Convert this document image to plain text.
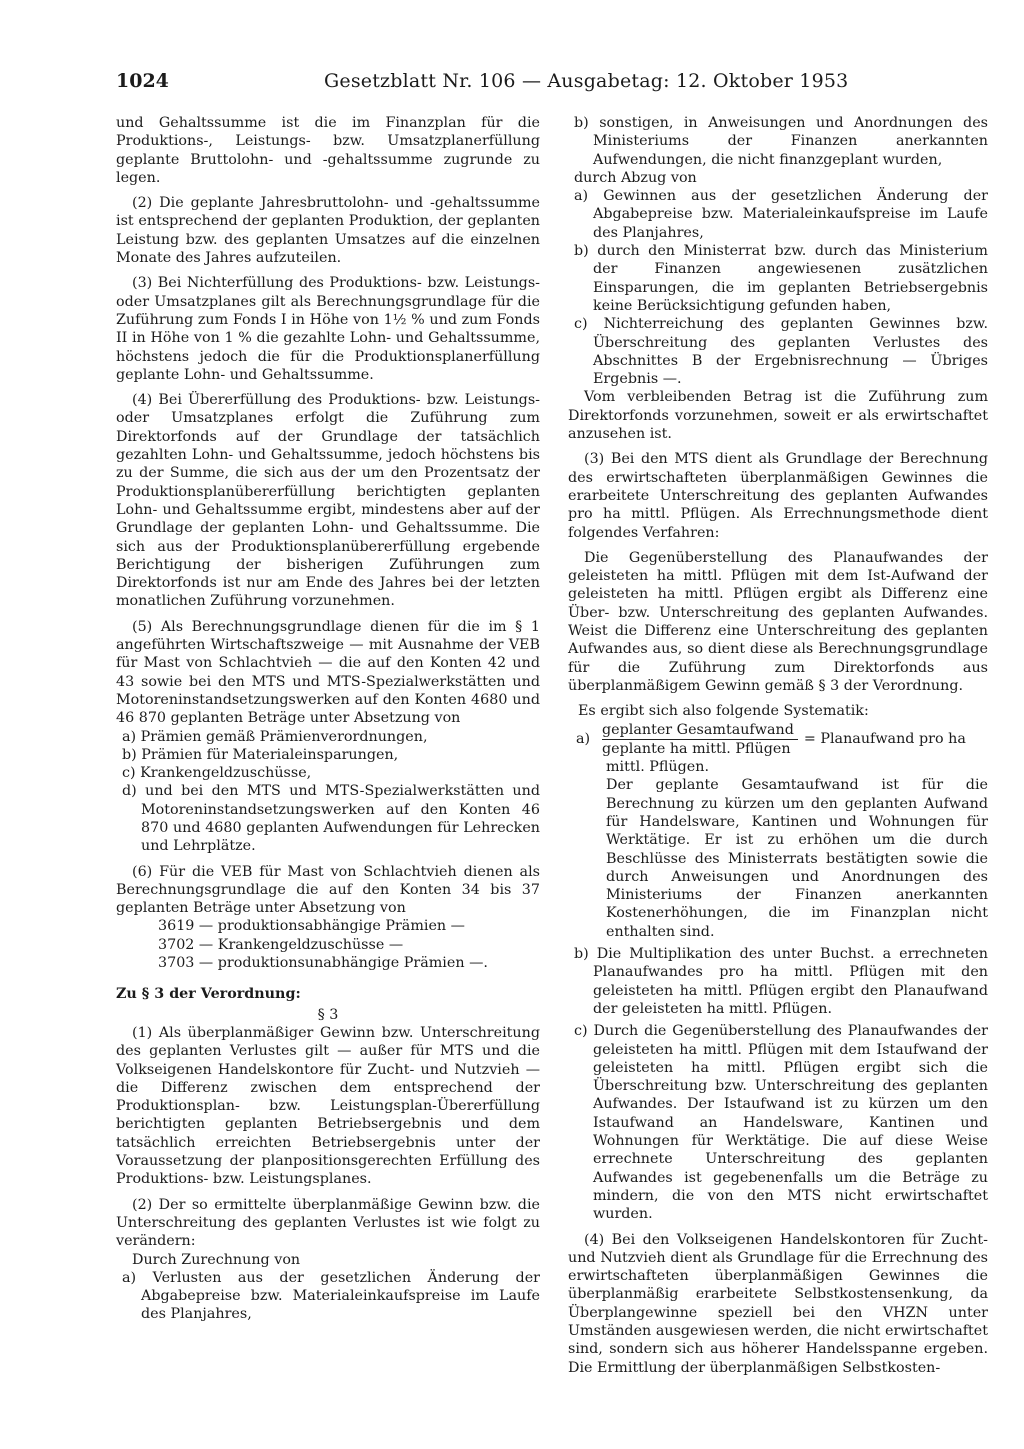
1024	Gesetzblatt Nr. 106 — Ausgabetag: 12. Oktober 1953

und Gehaltssumme ist die im Finanzplan für die Produktions-, Leistungs- bzw. Umsatzplanerfüllung geplante Bruttolohn- und -gehaltssumme zugrunde zu legen.

(2) Die geplante Jahresbruttolohn- und -gehaltssumme ist entsprechend der geplanten Produktion, der geplanten Leistung bzw. des geplanten Umsatzes auf die einzelnen Monate des Jahres aufzuteilen.

(3) Bei Nichterfüllung des Produktions- bzw. Leistungs- oder Umsatzplanes gilt als Berechnungsgrundlage für die Zuführung zum Fonds I in Höhe von 1½ % und zum Fonds II in Höhe von 1 % die gezahlte Lohn- und Gehaltssumme, höchstens jedoch die für die Produktionsplanerfüllung geplante Lohn- und Gehaltssumme.

(4) Bei Übererfüllung des Produktions- bzw. Leistungs- oder Umsatzplanes erfolgt die Zuführung zum Direktorfonds auf der Grundlage der tatsächlich gezahlten Lohn- und Gehaltssumme, jedoch höchstens bis zu der Summe, die sich aus der um den Prozentsatz der Produktionsplanübererfüllung berichtigten geplanten Lohn- und Gehaltssumme ergibt, mindestens aber auf der Grundlage der geplanten Lohn- und Gehaltssumme. Die sich aus der Produktionsplanübererfüllung ergebende Berichtigung der bisherigen Zuführungen zum Direktorfonds ist nur am Ende des Jahres bei der letzten monatlichen Zuführung vorzunehmen.

(5) Als Berechnungsgrundlage dienen für die im § 1 angeführten Wirtschaftszweige — mit Ausnahme der VEB für Mast von Schlachtvieh — die auf den Konten 42 und 43 sowie bei den MTS und MTS-Spezialwerkstätten und Motoreninstandsetzungswerken auf den Konten 4680 und 46 870 geplanten Beträge unter Absetzung von

a) Prämien gemäß Prämienverordnungen,

b) Prämien für Materialeinsparungen,

c) Krankengeldzuschüsse,

d) und bei den MTS und MTS-Spezialwerkstätten und Motoreninstandsetzungswerken auf den Konten 46 870 und 4680 geplanten Aufwendungen für Lehrecken und Lehrplätze.

(6) Für die VEB für Mast von Schlachtvieh dienen als Berechnungsgrundlage die auf den Konten 34 bis 37 geplanten Beträge unter Absetzung von

3619 — produktionsabhängige Prämien —

3702 — Krankengeldzuschüsse —

3703 — produktionsunabhängige Prämien —.

Zu § 3 der Verordnung:

§ 3

(1) Als überplanmäßiger Gewinn bzw. Unterschreitung des geplanten Verlustes gilt — außer für MTS und die Volkseigenen Handelskontore für Zucht- und Nutzvieh — die Differenz zwischen dem entsprechend der Produktionsplan- bzw. Leistungsplan-Übererfüllung berichtigten geplanten Betriebsergebnis und dem tatsächlich erreichten Betriebsergebnis unter der Voraussetzung der planpositionsgerechten Erfüllung des Produktions- bzw. Leistungsplanes.

(2) Der so ermittelte überplanmäßige Gewinn bzw. die Unterschreitung des geplanten Verlustes ist wie folgt zu verändern:

Durch Zurechnung von

a) Verlusten aus der gesetzlichen Änderung der Abgabepreise bzw. Materialeinkaufspreise im Laufe des Planjahres,

b) sonstigen, in Anweisungen und Anordnungen des Ministeriums der Finanzen anerkannten Aufwendungen, die nicht finanzgeplant wurden,

durch Abzug von

a) Gewinnen aus der gesetzlichen Änderung der Abgabepreise bzw. Materialeinkaufspreise im Laufe des Planjahres,

b) durch den Ministerrat bzw. durch das Ministerium der Finanzen angewiesenen zusätzlichen Einsparungen, die im geplanten Betriebsergebnis keine Berücksichtigung gefunden haben,

c) Nichterreichung des geplanten Gewinnes bzw. Überschreitung des geplanten Verlustes des Abschnittes B der Ergebnisrechnung — Übriges Ergebnis —.

Vom verbleibenden Betrag ist die Zuführung zum Direktorfonds vorzunehmen, soweit er als erwirtschaftet anzusehen ist.

(3) Bei den MTS dient als Grundlage der Berechnung des erwirtschafteten überplanmäßigen Gewinnes die erarbeitete Unterschreitung des geplanten Aufwandes pro ha mittl. Pflügen. Als Errechnungsmethode dient folgendes Verfahren:

Die Gegenüberstellung des Planaufwandes der geleisteten ha mittl. Pflügen mit dem Ist-Aufwand der geleisteten ha mittl. Pflügen ergibt als Differenz eine Über- bzw. Unterschreitung des geplanten Aufwandes. Weist die Differenz eine Unterschreitung des geplanten Aufwandes aus, so dient diese als Berechnungsgrundlage für die Zuführung zum Direktorfonds aus überplanmäßigem Gewinn gemäß § 3 der Verordnung.

Es ergibt sich also folgende Systematik:

$a) \frac{\text{geplanter Gesamtaufwand}}{\text{geplante ha mittl. Pflügen}}$ = Planaufwand pro ha

mittl. Pflügen.

Der geplante Gesamtaufwand ist für die Berechnung zu kürzen um den geplanten Aufwand für Handelsware, Kantinen und Wohnungen für Werktätige. Er ist zu erhöhen um die durch Beschlüsse des Ministerrats bestätigten sowie die durch Anweisungen und Anordnungen des Ministeriums der Finanzen anerkannten Kostenerhöhungen, die im Finanzplan nicht enthalten sind.

b) Die Multiplikation des unter Buchst. a errechneten Planaufwandes pro ha mittl. Pflügen mit den geleisteten ha mittl. Pflügen ergibt den Planaufwand der geleisteten ha mittl. Pflügen.

c) Durch die Gegenüberstellung des Planaufwandes der geleisteten ha mittl. Pflügen mit dem Istaufwand der geleisteten ha mittl. Pflügen ergibt sich die Überschreitung bzw. Unterschreitung des geplanten Aufwandes. Der Istaufwand ist zu kürzen um den Istaufwand an Handelsware, Kantinen und Wohnungen für Werktätige. Die auf diese Weise errechnete Unterschreitung des geplanten Aufwandes ist gegebenenfalls um die Beträge zu mindern, die von den MTS nicht erwirtschaftet wurden.

(4) Bei den Volkseigenen Handelskontoren für Zucht- und Nutzvieh dient als Grundlage für die Errechnung des erwirtschafteten überplanmäßigen Gewinnes die überplanmäßig erarbeitete Selbstkostensenkung, da Überplangewinne speziell bei den VHZN unter Umständen ausgewiesen werden, die nicht erwirtschaftet sind, sondern sich aus höherer Handelsspanne ergeben. Die Ermittlung der überplanmäßigen Selbstkosten-
